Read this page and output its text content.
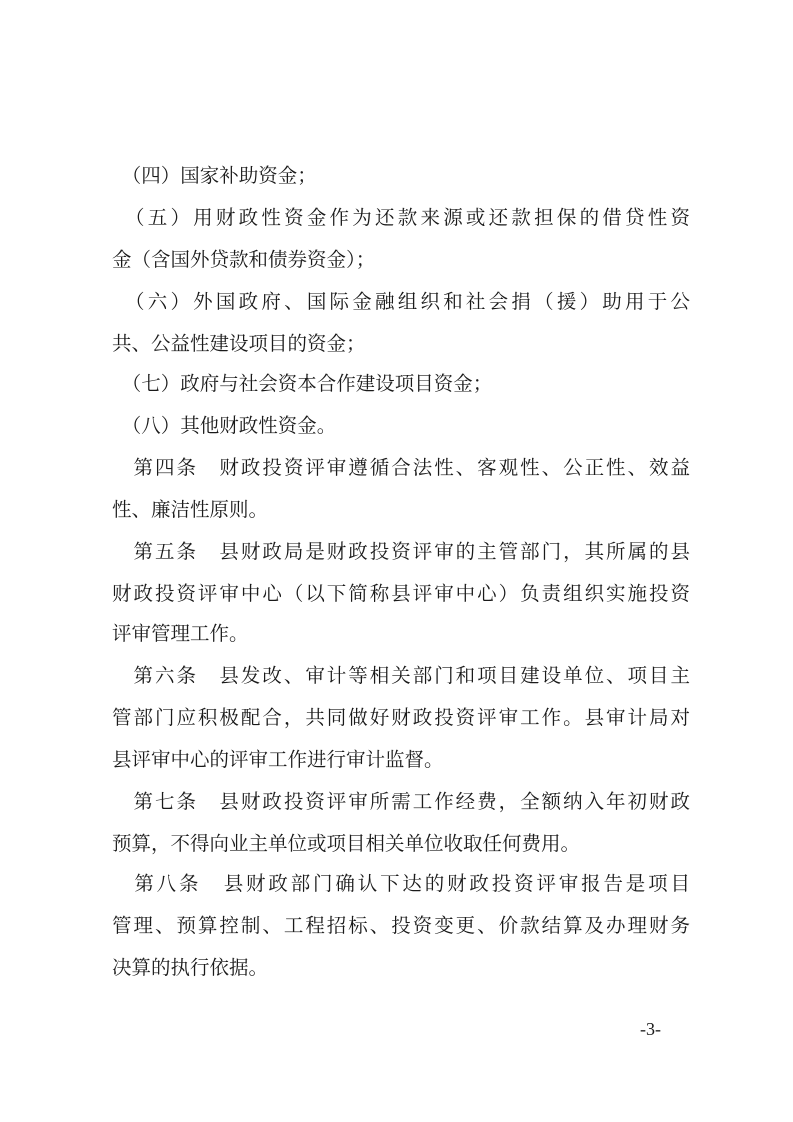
　（四）国家补助资金；
　（五）用财政性资金作为还款来源或还款担保的借贷性资
金（含国外贷款和债券资金）；
　（六）外国政府、国际金融组织和社会捐（援）助用于公
共、公益性建设项目的资金；
　（七）政府与社会资本合作建设项目资金；
　（八）其他财政性资金。
　第四条　财政投资评审遵循合法性、客观性、公正性、效益
性、廉洁性原则。
　第五条　县财政局是财政投资评审的主管部门，其所属的县
财政投资评审中心（以下简称县评审中心）负责组织实施投资
评审管理工作。
　第六条　县发改、审计等相关部门和项目建设单位、项目主
管部门应积极配合，共同做好财政投资评审工作。县审计局对
县评审中心的评审工作进行审计监督。
　第七条　县财政投资评审所需工作经费，全额纳入年初财政
预算，不得向业主单位或项目相关单位收取任何费用。
　第八条　县财政部门确认下达的财政投资评审报告是项目
管理、预算控制、工程招标、投资变更、价款结算及办理财务
决算的执行依据。
-3-
